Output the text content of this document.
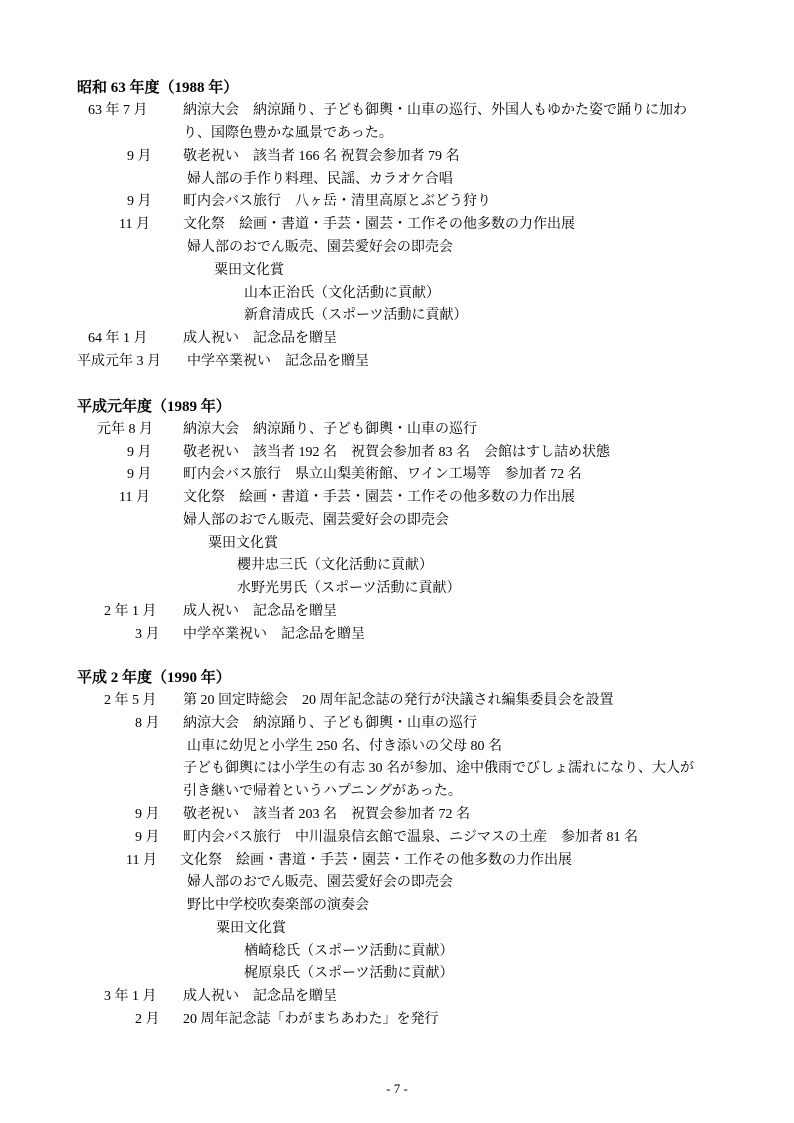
昭和 63 年度（1988 年）
63 年 7 月	納涼大会　納涼踊り、子ども御輿・山車の巡行、外国人もゆかた姿で踊りに加わ
り、国際色豊かな風景であった。
9 月 敬老祝い　該当者 166 名 祝賀会参加者 79 名
婦人部の手作り料理、民謡、カラオケ合唱
9 月 町内会バス旅行　八ヶ岳・清里高原とぶどう狩り
11 月 文化祭　絵画・書道・手芸・園芸・工作その他多数の力作出展
婦人部のおでん販売、園芸愛好会の即売会
粟田文化賞
山本正治氏（文化活動に貢献）
新倉清成氏（スポーツ活動に貢献）
64 年 1 月	成人祝い　記念品を贈呈
平成元年 3 月 中学卒業祝い　記念品を贈呈
平成元年度（1989 年）
元年 8 月 納涼大会　納涼踊り、子ども御輿・山車の巡行
9 月 敬老祝い　該当者 192 名　祝賀会参加者 83 名　会館はすし詰め状態
9 月 町内会バス旅行　県立山梨美術館、ワイン工場等　参加者 72 名
11 月 文化祭　絵画・書道・手芸・園芸・工作その他多数の力作出展
婦人部のおでん販売、園芸愛好会の即売会
粟田文化賞
櫻井忠三氏（文化活動に貢献）
水野光男氏（スポーツ活動に貢献）
2 年 1 月 成人祝い　記念品を贈呈
3 月 中学卒業祝い　記念品を贈呈
平成 2 年度（1990 年）
2 年 5 月 第 20 回定時総会　20 周年記念誌の発行が決議され編集委員会を設置
8 月 納涼大会　納涼踊り、子ども御輿・山車の巡行
山車に幼児と小学生 250 名、付き添いの父母 80 名
子ども御輿には小学生の有志 30 名が参加、途中俄雨でびしょ濡れになり、大人が
引き継いで帰着というハプニングがあった。
9 月 敬老祝い　該当者 203 名　祝賀会参加者 72 名
9 月 町内会バス旅行　中川温泉信玄館で温泉、ニジマスの土産　参加者 81 名
11 月 文化祭　絵画・書道・手芸・園芸・工作その他多数の力作出展
婦人部のおでん販売、園芸愛好会の即売会
野比中学校吹奏楽部の演奏会
粟田文化賞
楢崎稔氏（スポーツ活動に貢献）
梶原泉氏（スポーツ活動に貢献）
3 年 1 月 成人祝い　記念品を贈呈
2 月 20 周年記念誌「わがまちあわた」を発行
- 7 -
